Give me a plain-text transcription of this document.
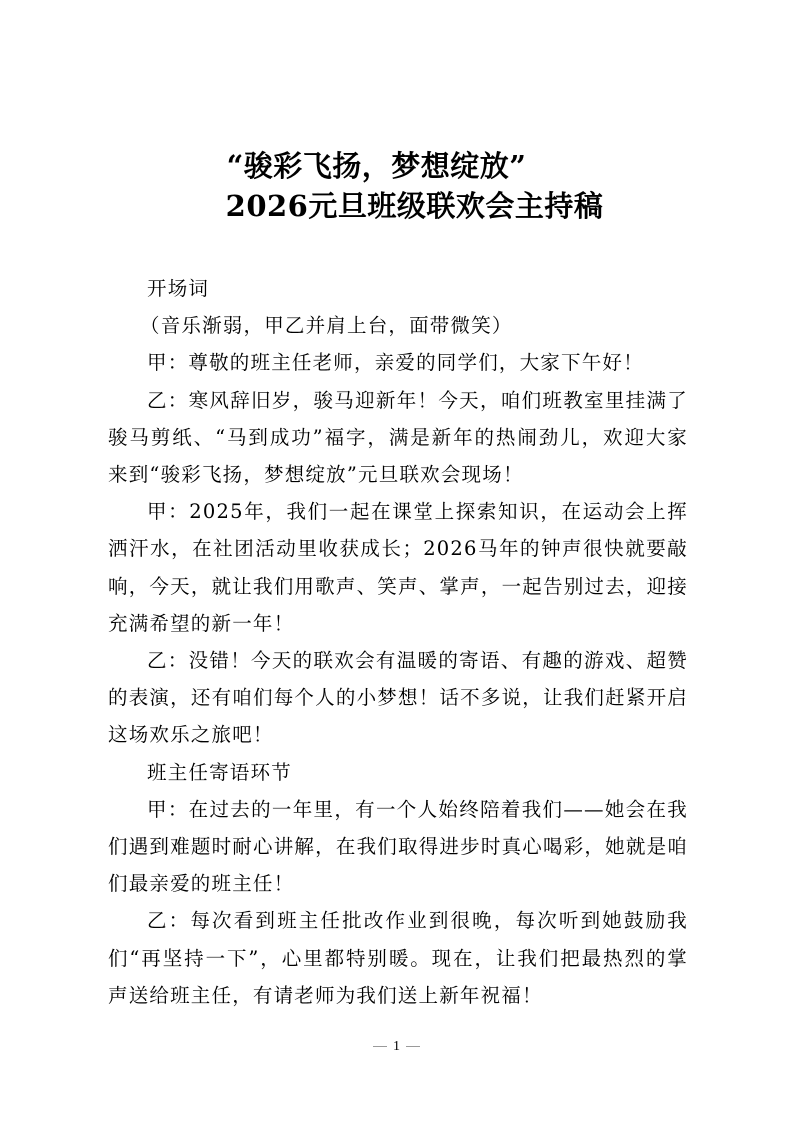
“骏彩飞扬，梦想绽放”
2026元旦班级联欢会主持稿

开场词

（音乐渐弱，甲乙并肩上台，面带微笑）

甲：尊敬的班主任老师，亲爱的同学们，大家下午好！

乙：寒风辞旧岁，骏马迎新年！今天，咱们班教室里挂满了骏马剪纸、“马到成功”福字，满是新年的热闹劲儿，欢迎大家来到“骏彩飞扬，梦想绽放”元旦联欢会现场！

甲：2025年，我们一起在课堂上探索知识，在运动会上挥洒汗水，在社团活动里收获成长；2026马年的钟声很快就要敲响，今天，就让我们用歌声、笑声、掌声，一起告别过去，迎接充满希望的新一年！

乙：没错！今天的联欢会有温暖的寄语、有趣的游戏、超赞的表演，还有咱们每个人的小梦想！话不多说，让我们赶紧开启这场欢乐之旅吧！

班主任寄语环节

甲：在过去的一年里，有一个人始终陪着我们——她会在我们遇到难题时耐心讲解，在我们取得进步时真心喝彩，她就是咱们最亲爱的班主任！

乙：每次看到班主任批改作业到很晚，每次听到她鼓励我们“再坚持一下”，心里都特别暖。现在，让我们把最热烈的掌声送给班主任，有请老师为我们送上新年祝福！

1
